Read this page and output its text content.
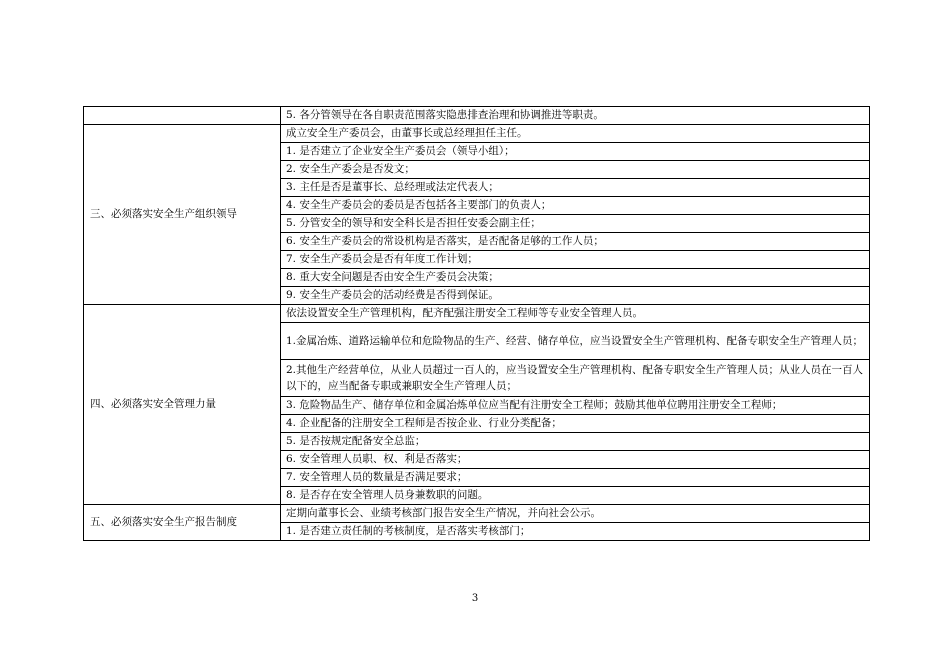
	5. 各分管领导在各自职责范围落实隐患排查治理和协调推进等职责。
三、必须落实安全生产组织领导	成立安全生产委员会，由董事长或总经理担任主任。
	1. 是否建立了企业安全生产委员会（领导小组）；
	2. 安全生产委会是否发文；
	3. 主任是否是董事长、总经理或法定代表人；
	4. 安全生产委员会的委员是否包括各主要部门的负责人；
	5. 分管安全的领导和安全科长是否担任安委会副主任；
	6. 安全生产委员会的常设机构是否落实，是否配备足够的工作人员；
	7. 安全生产委员会是否有年度工作计划；
	8. 重大安全问题是否由安全生产委员会决策；
	9. 安全生产委员会的活动经费是否得到保证。
四、必须落实安全管理力量	依法设置安全生产管理机构，配齐配强注册安全工程师等专业安全管理人员。
	1.金属冶炼、道路运输单位和危险物品的生产、经营、储存单位，应当设置安全生产管理机构、配备专职安全生产管理人员；
	2.其他生产经营单位，从业人员超过一百人的，应当设置安全生产管理机构、配备专职安全生产管理人员；从业人员在一百人以下的，应当配备专职或兼职安全生产管理人员；
	3. 危险物品生产、储存单位和金属冶炼单位应当配有注册安全工程师；鼓励其他单位聘用注册安全工程师；
	4. 企业配备的注册安全工程师是否按企业、行业分类配备；
	5. 是否按规定配备安全总监；
	6. 安全管理人员职、权、利是否落实；
	7. 安全管理人员的数量是否满足要求；
	8. 是否存在安全管理人员身兼数职的问题。
五、必须落实安全生产报告制度	定期向董事长会、业绩考核部门报告安全生产情况，并向社会公示。
	1. 是否建立责任制的考核制度，是否落实考核部门；
3
